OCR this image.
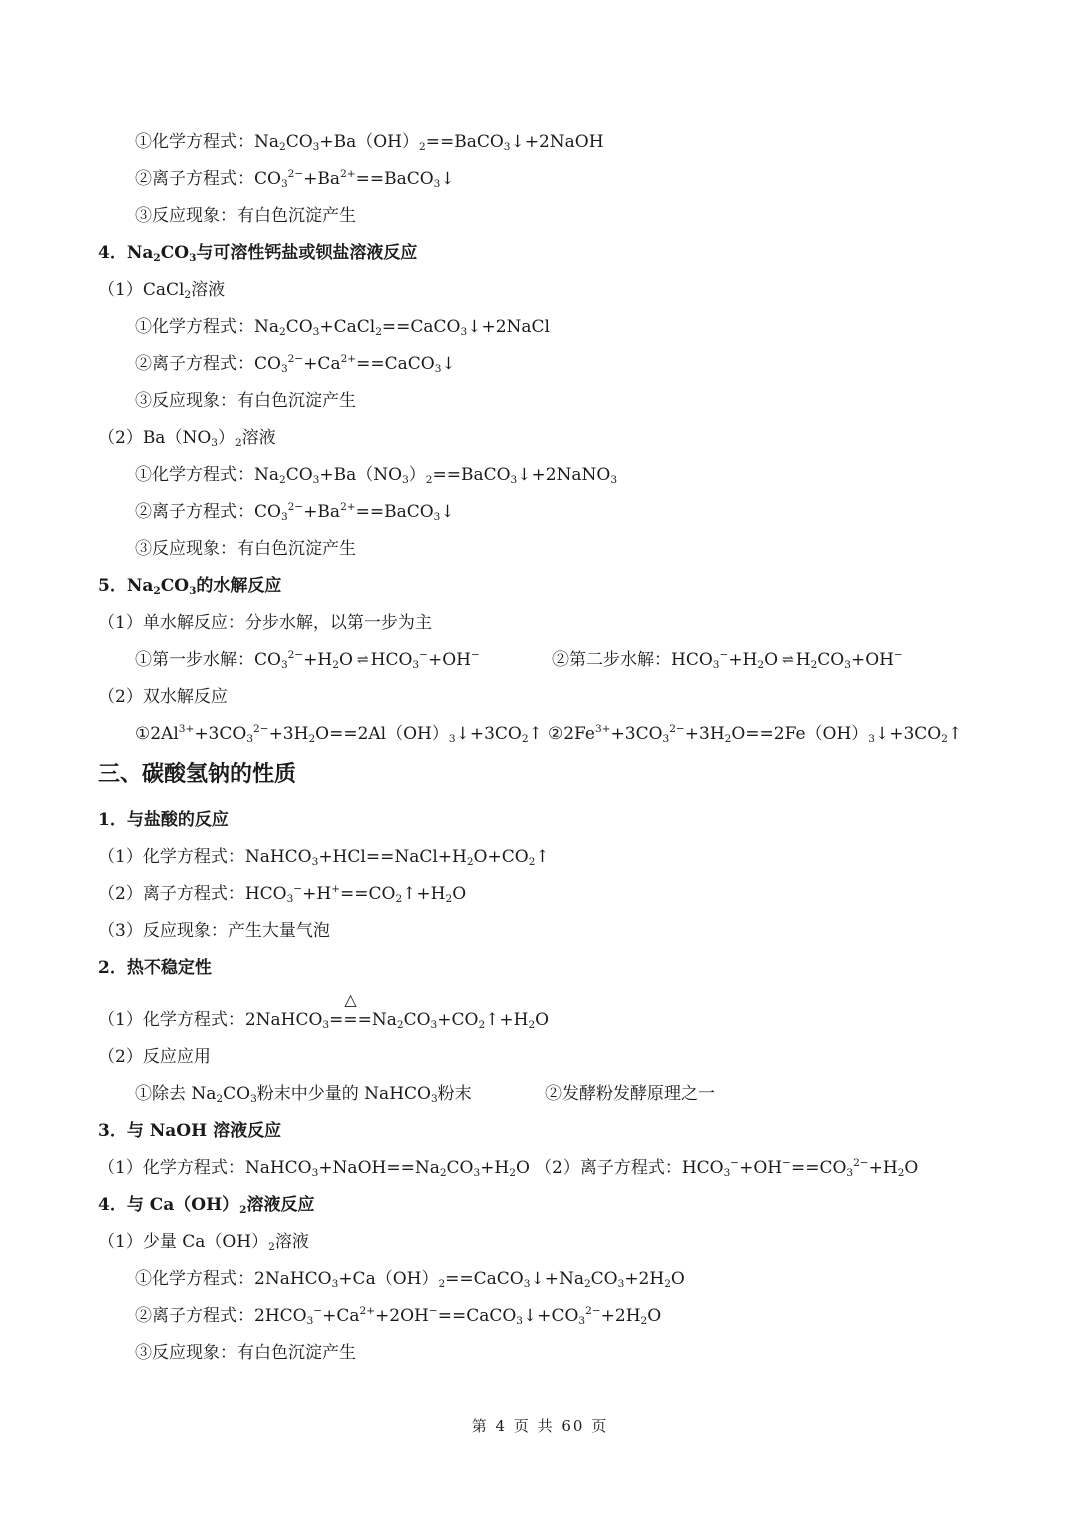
①化学方程式：$Na_2CO_3+Ba(OH)_2==BaCO_3↓+2NaOH$
②离子方程式：$CO_3^{2-}+Ba^{2+}==BaCO_3↓$
③反应现象：有白色沉淀产生
4．$Na_2CO_3$与可溶性钙盐或钡盐溶液反应
（1）CaCl$_2$溶液
①化学方程式：$Na_2CO_3+CaCl_2==CaCO_3↓+2NaCl$
②离子方程式：$CO_3^{2-}+Ca^{2+}==CaCO_3↓$
③反应现象：有白色沉淀产生
$(2)Ba(NO_3)_2$溶液
①化学方程式：$Na_2CO_3+Ba(NO_3)_2==BaCO_3↓+2NaNO_3$
②离子方程式：$CO_3^{2-}+Ba^{2+}==BaCO_3↓$
③反应现象：有白色沉淀产生
5．$Na_2CO_3$的水解反应
（1）单水解反应：分步水解，以第一步为主
①第一步水解：$CO_3^{2-}+H_2O$ ⇌ $HCO_3^-+OH^-$	②第二步水解：$HCO_3^-+H_2O$ ⇌ $H_2CO_3+OH^-$
（2）双水解反应
$①2Al^{3+}+3CO_3^{2-}+3H_2O==2Al(OH)_3↓+3CO_2↑$ $②2Fe^{3+}+3CO_3^{2-}+3H_2O==2Fe(OH)_3↓+3CO_2↑$
三、碳酸氢钠的性质
1．与盐酸的反应
（1）化学方程式：$NaHCO_3+HCl==NaCl+H_2O+CO_2↑$
（2）离子方程式：$HCO_3^-+H^+==CO_2↑+H_2O$
（3）反应现象：产生大量气泡
2．热不稳定性
（1）化学方程式：2NaHCO$_3$
△
$===Na_2CO_3+CO_2↑+H_2O$
（2）反应应用
①除去 $Na_2CO_3$粉末中少量的 NaHCO$_3$粉末	②发酵粉发酵原理之一
3．与 NaOH 溶液反应
（1）化学方程式：$NaHCO_3+NaOH==Na_2CO_3+H_2O$ （2）离子方程式：$HCO_3^-+OH^-==CO_3^{2-}+H_2O$
4．与 $Ca(OH)_2$溶液反应
（1）少量 $Ca(OH)_2$溶液
①化学方程式：$2NaHCO_3+Ca(OH)_2==CaCO_3↓+Na_2CO_3+2H_2O$
②离子方程式：$2HCO_3^-+Ca^{2+}+2OH^-==CaCO_3↓+CO_3^{2-}+2H_2O$
③反应现象：有白色沉淀产生
第 4 页 共 60 页
